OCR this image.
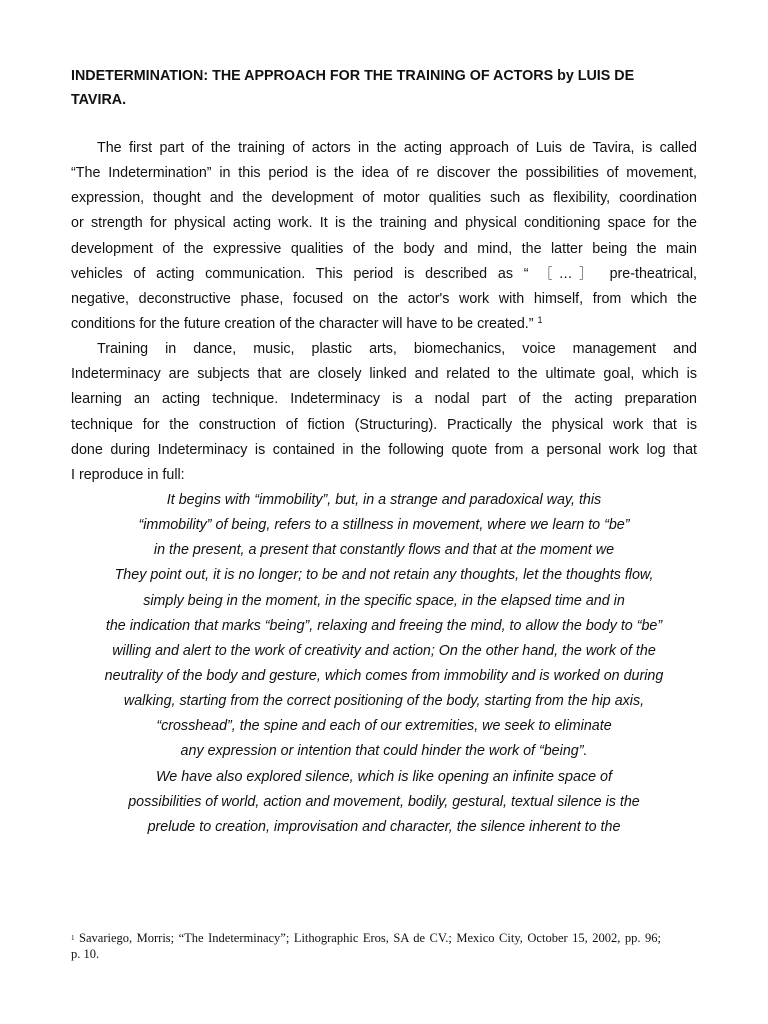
INDETERMINATION: THE APPROACH FOR THE TRAINING OF ACTORS by LUIS DE
TAVIRA.
The first part of the training of actors in the acting approach of Luis de Tavira, is called
“The Indetermination” in this period is the idea of re discover the possibilities of movement,
expression, thought and the development of motor qualities such as flexibility, coordination
or strength for physical acting work. It is the training and physical conditioning space for the
development of the expressive qualities of the body and mind, the latter being the main
vehicles of acting communication. This period is described as “ ［…］ pre-theatrical,
negative, deconstructive phase, focused on the actor's work with himself, from which the
conditions for the future creation of the character will have to be created.” $^1$
Training in dance, music, plastic arts, biomechanics, voice management and
Indeterminacy are subjects that are closely linked and related to the ultimate goal, which is
learning an acting technique. Indeterminacy is a nodal part of the acting preparation
technique for the construction of fiction (Structuring). Practically the physical work that is
done during Indeterminacy is contained in the following quote from a personal work log that
I reproduce in full:
It begins with “immobility”, but, in a strange and paradoxical way, this
“immobility” of being, refers to a stillness in movement, where we learn to “be”
in the present, a present that constantly flows and that at the moment we
They point out, it is no longer; to be and not retain any thoughts, let the thoughts flow,
simply being in the moment, in the specific space, in the elapsed time and in
the indication that marks “being”, relaxing and freeing the mind, to allow the body to “be”
willing and alert to the work of creativity and action; On the other hand, the work of the
neutrality of the body and gesture, which comes from immobility and is worked on during
walking, starting from the correct positioning of the body, starting from the hip axis,
“crosshead”, the spine and each of our extremities, we seek to eliminate
any expression or intention that could hinder the work of “being”.
We have also explored silence, which is like opening an infinite space of
possibilities of world, action and movement, bodily, gestural, textual silence is the
prelude to creation, improvisation and character, the silence inherent to the
$^1$ Savariego, Morris; “The Indeterminacy”; Lithographic Eros, SA de CV.; Mexico City, October 15, 2002, pp. 96;
p. 10.
